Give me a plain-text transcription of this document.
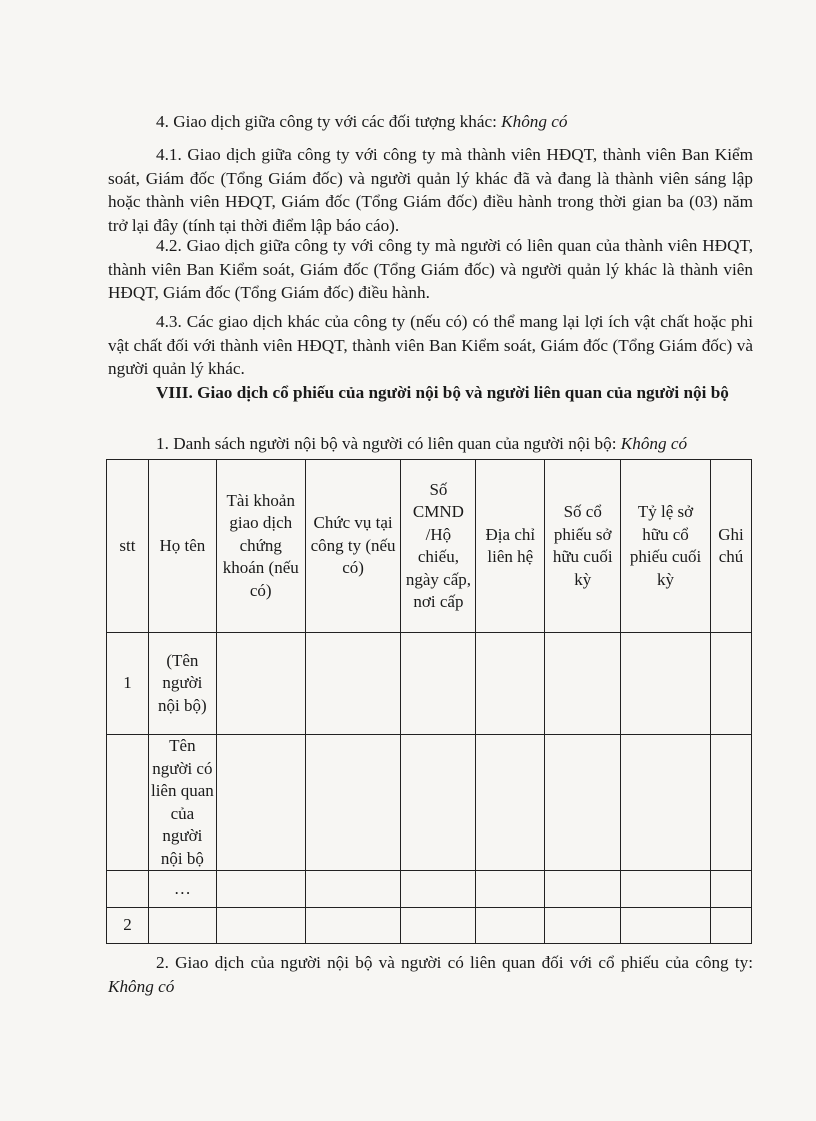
4. Giao dịch giữa công ty với các đối tượng khác: Không có
4.1. Giao dịch giữa công ty với công ty mà thành viên HĐQT, thành viên Ban Kiểm soát, Giám đốc (Tổng Giám đốc) và người quản lý khác đã và đang là thành viên sáng lập hoặc thành viên HĐQT, Giám đốc (Tổng Giám đốc) điều hành trong thời gian ba (03) năm trở lại đây (tính tại thời điểm lập báo cáo).
4.2. Giao dịch giữa công ty với công ty mà người có liên quan của thành viên HĐQT, thành viên Ban Kiểm soát, Giám đốc (Tổng Giám đốc) và người quản lý khác là thành viên HĐQT, Giám đốc (Tổng Giám đốc) điều hành.
4.3. Các giao dịch khác của công ty (nếu có) có thể mang lại lợi ích vật chất hoặc phi vật chất đối với thành viên HĐQT, thành viên Ban Kiểm soát, Giám đốc (Tổng Giám đốc) và người quản lý khác.
VIII. Giao dịch cổ phiếu của người nội bộ và người liên quan của người nội bộ
1. Danh sách người nội bộ và người có liên quan của người nội bộ: Không có
stt	Họ tên	Tài khoản giao dịch chứng khoán (nếu có)	Chức vụ tại công ty (nếu có)	Số CMND /Hộ chiếu, ngày cấp, nơi cấp	Địa chỉ liên hệ	Số cổ phiếu sở hữu cuối kỳ	Tỷ lệ sở hữu cổ phiếu cuối kỳ	Ghi chú
1	(Tên người nội bộ)							
	Tên người có liên quan của người nội bộ							
	…							
2								
2. Giao dịch của người nội bộ và người có liên quan đối với cổ phiếu của công ty: Không có
